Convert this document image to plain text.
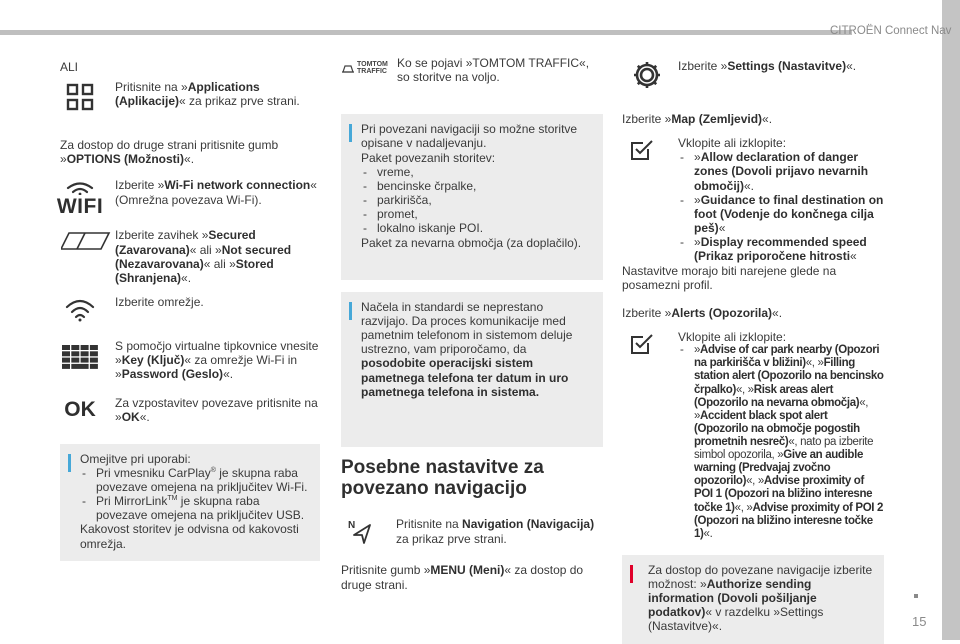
CITROËN Connect Nav
15

ALI

Pritisnite na »Applications (Aplikacije)« za prikaz prve strani.

Za dostop do druge strani pritisnite gumb »OPTIONS (Možnosti)«.

WIFI

Izberite »Wi-Fi network connection« (Omrežna povezava Wi-Fi).

Izberite zavihek »Secured (Zavarovana)« ali »Not secured (Nezavarovana)« ali »Stored (Shranjena)«.

Izberite omrežje.

S pomočjo virtualne tipkovnice vnesite »Key (Ključ)« za omrežje Wi-Fi in »Password (Geslo)«.

OK Za vzpostavitev povezave pritisnite na »OK«.

Omejitve pri uporabi:

- Pri vmesniku CarPlay® je skupna raba povezave omejena na priključitev Wi-Fi.
- Pri MirrorLink™ je skupna raba povezave omejena na priključitev USB.

Kakovost storitev je odvisna od kakovosti omrežja.

TOMTOM
TRAFFIC

Ko se pojavi »TOMTOM TRAFFIC«, so storitve na voljo.

Pri povezani navigaciji so možne storitve opisane v nadaljevanju.

Paket povezanih storitev:

- vreme,
- bencinske črpalke,
- parkirišča,
- promet,
- lokalno iskanje POI.

Paket za nevarna območja (za doplačilo).

Načela in standardi se neprestano razvijajo. Da proces komunikacije med pametnim telefonom in sistemom deluje ustrezno, vam priporočamo, da posodobite operacijski sistem pametnega telefona ter datum in uro pametnega telefona in sistema.

Posebne nastavitve za povezano navigacijo

N	Pritisnite na Navigation (Navigacija) za prikaz prve strani.

Pritisnite gumb »MENU (Meni)« za dostop do druge strani.

Izberite »Settings (Nastavitve)«.

Izberite »Map (Zemljevid)«.

Vklopite ali izklopite:

- »Allow declaration of danger zones (Dovoli prijavo nevarnih območij)«.
- »Guidance to final destination on foot (Vodenje do končnega cilja peš)«
- »Display recommended speed (Prikaz priporočene hitrosti«

Nastavitve morajo biti narejene glede na posamezni profil.

Izberite »Alerts (Opozorila)«.

Vklopite ali izklopite:

- »Advise of car park nearby (Opozori na parkirišča v bližini)«, »Filling station alert (Opozorilo na bencinsko črpalko)«, »Risk areas alert (Opozorilo na nevarna območja)«, »Accident black spot alert (Opozorilo na območje pogostih prometnih nesreč)«, nato pa izberite simbol opozorila, »Give an audible warning (Predvajaj zvočno opozorilo)«, »Advise proximity of POI 1 (Opozori na bližino interesne točke 1)«, »Advise proximity of POI 2 (Opozori na bližino interesne točke 1)«.

Za dostop do povezane navigacije izberite možnost: »Authorize sending information (Dovoli pošiljanje podatkov)« v razdelku »Settings (Nastavitve)«.
